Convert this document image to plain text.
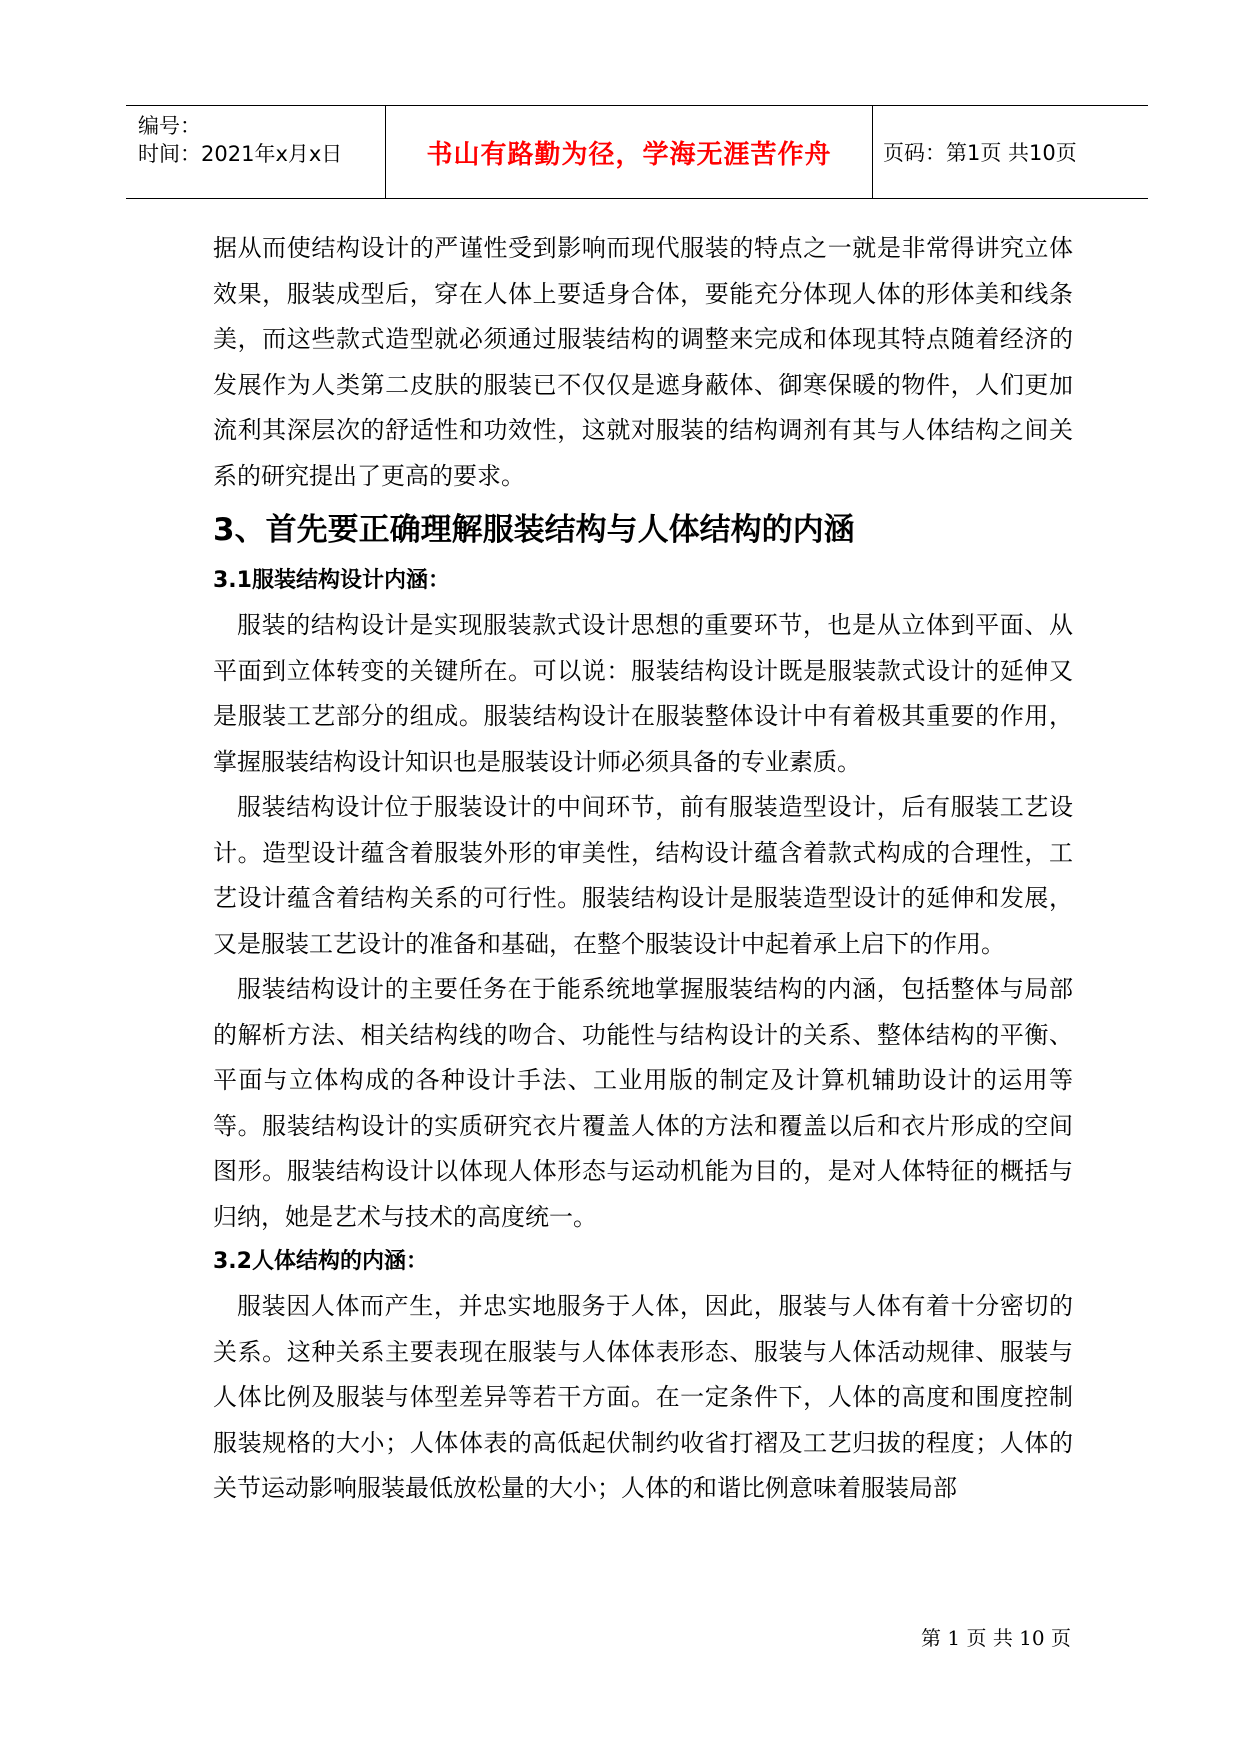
编号：
时间：2021年x月x日	书山有路勤为径，学海无涯苦作舟 页码：第1页 共10页

据从而使结构设计的严谨性受到影响而现代服装的特点之一就是非常得讲究立体效果，服装成型后，穿在人体上要适身合体，要能充分体现人体的形体美和线条美，而这些款式造型就必须通过服装结构的调整来完成和体现其特点随着经济的发展作为人类第二皮肤的服装已不仅仅是遮身蔽体、御寒保暖的物件，人们更加流利其深层次的舒适性和功效性，这就对服装的结构调剂有其与人体结构之间关系的研究提出了更高的要求。

3、首先要正确理解服装结构与人体结构的内涵
3.1服装结构设计内涵：

服装的结构设计是实现服装款式设计思想的重要环节，也是从立体到平面、从平面到立体转变的关键所在。可以说：服装结构设计既是服装款式设计的延伸又是服装工艺部分的组成。服装结构设计在服装整体设计中有着极其重要的作用，掌握服装结构设计知识也是服装设计师必须具备的专业素质。

服装结构设计位于服装设计的中间环节，前有服装造型设计，后有服装工艺设计。造型设计蕴含着服装外形的审美性，结构设计蕴含着款式构成的合理性，工艺设计蕴含着结构关系的可行性。服装结构设计是服装造型设计的延伸和发展，又是服装工艺设计的准备和基础，在整个服装设计中起着承上启下的作用。

服装结构设计的主要任务在于能系统地掌握服装结构的内涵，包括整体与局部的解析方法、相关结构线的吻合、功能性与结构设计的关系、整体结构的平衡、平面与立体构成的各种设计手法、工业用版的制定及计算机辅助设计的运用等等。服装结构设计的实质研究衣片覆盖人体的方法和覆盖以后和衣片形成的空间图形。服装结构设计以体现人体形态与运动机能为目的，是对人体特征的概括与归纳，她是艺术与技术的高度统一。

3.2人体结构的内涵：

服装因人体而产生，并忠实地服务于人体，因此，服装与人体有着十分密切的关系。这种关系主要表现在服装与人体体表形态、服装与人体活动规律、服装与人体比例及服装与体型差异等若干方面。在一定条件下，人体的高度和围度控制服装规格的大小；人体体表的高低起伏制约收省打褶及工艺归拔的程度；人体的关节运动影响服装最低放松量的大小；人体的和谐比例意味着服装局部

第 1 页 共 10 页
